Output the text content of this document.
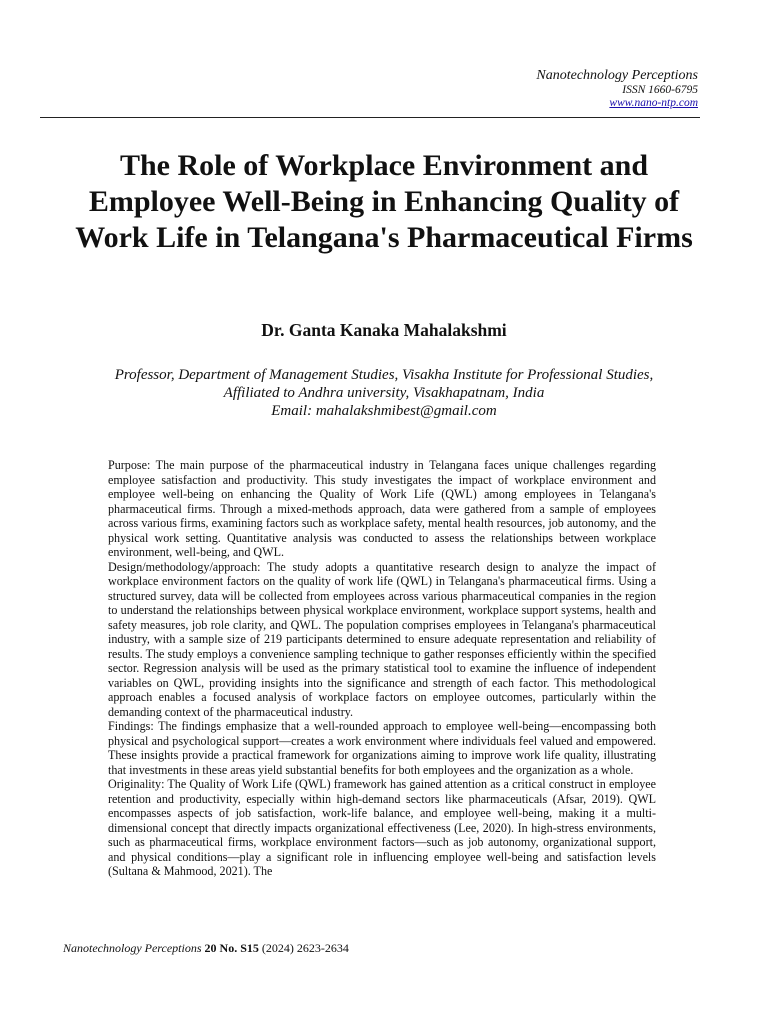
Nanotechnology Perceptions
ISSN 1660-6795
www.nano-ntp.com
The Role of Workplace Environment and Employee Well-Being in Enhancing Quality of Work Life in Telangana's Pharmaceutical Firms
Dr. Ganta Kanaka Mahalakshmi
Professor, Department of Management Studies, Visakha Institute for Professional Studies,
Affiliated to Andhra university, Visakhapatnam, India
Email: mahalakshmibest@gmail.com

Purpose: The main purpose of the pharmaceutical industry in Telangana faces unique challenges regarding employee satisfaction and productivity. This study investigates the impact of workplace environment and employee well-being on enhancing the Quality of Work Life (QWL) among employees in Telangana's pharmaceutical firms. Through a mixed-methods approach, data were gathered from a sample of employees across various firms, examining factors such as workplace safety, mental health resources, job autonomy, and the physical work setting. Quantitative analysis was conducted to assess the relationships between workplace environment, well-being, and QWL.

Design/methodology/approach: The study adopts a quantitative research design to analyze the impact of workplace environment factors on the quality of work life (QWL) in Telangana's pharmaceutical firms. Using a structured survey, data will be collected from employees across various pharmaceutical companies in the region to understand the relationships between physical workplace environment, workplace support systems, health and safety measures, job role clarity, and QWL. The population comprises employees in Telangana's pharmaceutical industry, with a sample size of 219 participants determined to ensure adequate representation and reliability of results. The study employs a convenience sampling technique to gather responses efficiently within the specified sector. Regression analysis will be used as the primary statistical tool to examine the influence of independent variables on QWL, providing insights into the significance and strength of each factor. This methodological approach enables a focused analysis of workplace factors on employee outcomes, particularly within the demanding context of the pharmaceutical industry.

Findings: The findings emphasize that a well-rounded approach to employee well-being—encompassing both physical and psychological support—creates a work environment where individuals feel valued and empowered. These insights provide a practical framework for organizations aiming to improve work life quality, illustrating that investments in these areas yield substantial benefits for both employees and the organization as a whole.

Originality: The Quality of Work Life (QWL) framework has gained attention as a critical construct in employee retention and productivity, especially within high-demand sectors like pharmaceuticals (Afsar, 2019). QWL encompasses aspects of job satisfaction, work-life balance, and employee well-being, making it a multi-dimensional concept that directly impacts organizational effectiveness (Lee, 2020). In high-stress environments, such as pharmaceutical firms, workplace environment factors—such as job autonomy, organizational support, and physical conditions—play a significant role in influencing employee well-being and satisfaction levels (Sultana & Mahmood, 2021). The

Nanotechnology Perceptions 20 No. S15 (2024) 2623-2634
